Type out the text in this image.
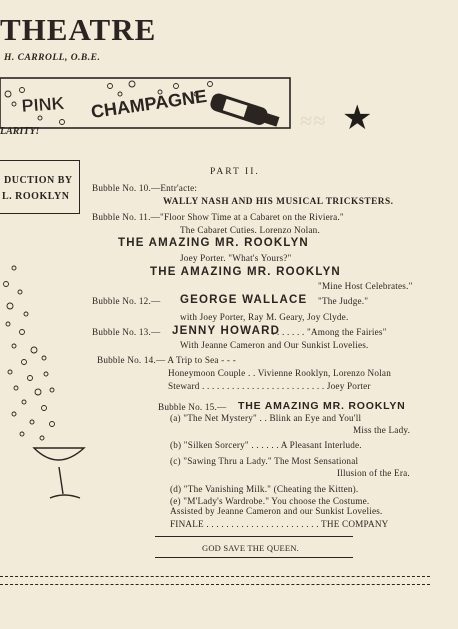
≈≈
THEATRE
H. CARROLL, O.B.E.
PINK CHAMPAGNE
LARITY!	★
DUCTION BY
L. ROOKLYN
PART II.
Bubble No. 10.—Entr'acte:
WALLY NASH AND HIS MUSICAL TRICKSTERS.
Bubble No. 11.—"Floor Show Time at a Cabaret on the Riviera."
The Cabaret Cuties. Lorenzo Nolan.
THE AMAZING MR. ROOKLYN
Joey Porter. "What's Yours?"
THE AMAZING MR. ROOKLYN
"Mine Host Celebrates."
Bubble No. 12.— GEORGE WALLACE "The Judge."
with Joey Porter, Ray M. Geary, Joy Clyde.
Bubble No. 13.— JENNY HOWARD
. . . . . . . "Among the Fairies"
With Jeanne Cameron and Our Sunkist Lovelies.
Bubble No. 14.— A Trip to Sea - - -
Honeymoon Couple . . Vivienne Rooklyn, Lorenzo Nolan
Steward . . . . . . . . . . . . . . . . . . . . . . . . . Joey Porter
Bubble No. 15.— THE AMAZING MR. ROOKLYN
(a) "The Net Mystery" . . Blink an Eye and You'll
Miss the Lady.
(b) "Silken Sorcery" . . . . . . A Pleasant Interlude.
(c) "Sawing Thru a Lady." The Most Sensational
Illusion of the Era.
(d) "The Vanishing Milk." (Cheating the Kitten).
(e) "M'Lady's Wardrobe." You choose the Costume.
Assisted by Jeanne Cameron and our Sunkist Lovelies.
FINALE . . . . . . . . . . . . . . . . . . . . . . . THE COMPANY
GOD SAVE THE QUEEN.
